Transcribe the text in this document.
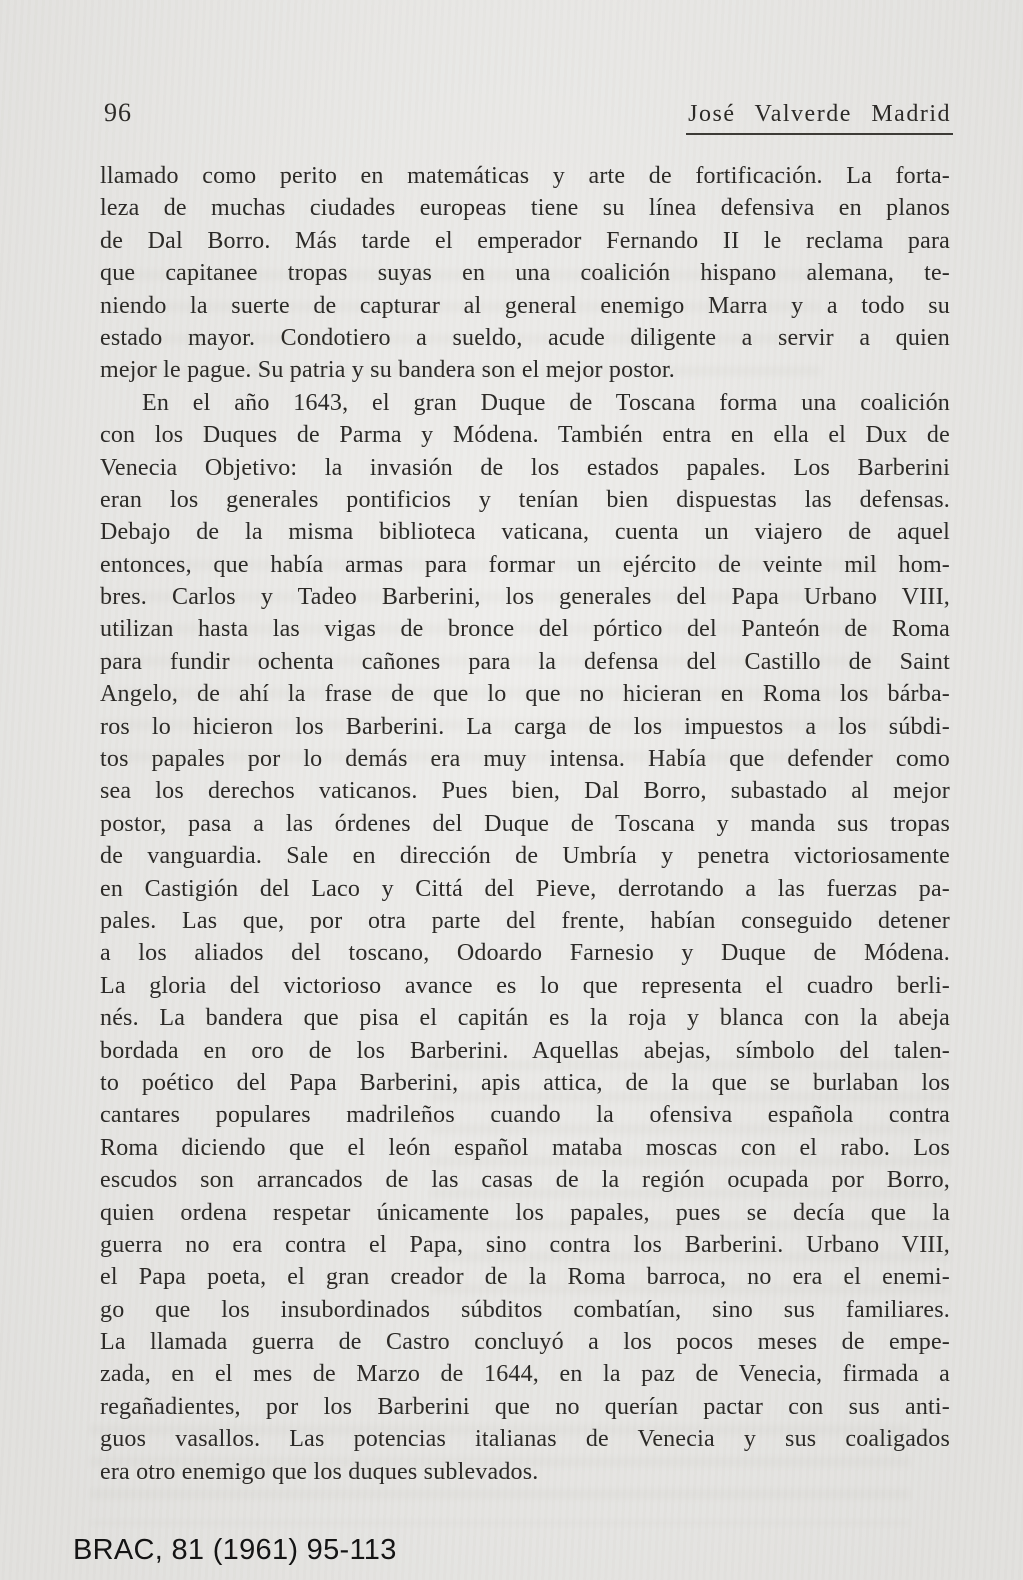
96	José Valverde Madrid
llamado como perito en matemáticas y arte de fortificación. La forta-
leza de muchas ciudades europeas tiene su línea defensiva en planos
de Dal Borro. Más tarde el emperador Fernando II le reclama para
que capitanee tropas suyas en una coalición hispano alemana, te-
niendo la suerte de capturar al general enemigo Marra y a todo su
estado mayor. Condotiero a sueldo, acude diligente a servir a quien
mejor le pague. Su patria y su bandera son el mejor postor.
En el año 1643, el gran Duque de Toscana forma una coalición
con los Duques de Parma y Módena. También entra en ella el Dux de
Venecia Objetivo: la invasión de los estados papales. Los Barberini
eran los generales pontificios y tenían bien dispuestas las defensas.
Debajo de la misma biblioteca vaticana, cuenta un viajero de aquel
entonces, que había armas para formar un ejército de veinte mil hom-
bres. Carlos y Tadeo Barberini, los generales del Papa Urbano VIII,
utilizan hasta las vigas de bronce del pórtico del Panteón de Roma
para fundir ochenta cañones para la defensa del Castillo de Saint
Angelo, de ahí la frase de que lo que no hicieran en Roma los bárba-
ros lo hicieron los Barberini. La carga de los impuestos a los súbdi-
tos papales por lo demás era muy intensa. Había que defender como
sea los derechos vaticanos. Pues bien, Dal Borro, subastado al mejor
postor, pasa a las órdenes del Duque de Toscana y manda sus tropas
de vanguardia. Sale en dirección de Umbría y penetra victoriosamente
en Castigión del Laco y Cittá del Pieve, derrotando a las fuerzas pa-
pales. Las que, por otra parte del frente, habían conseguido detener
a los aliados del toscano, Odoardo Farnesio y Duque de Módena.
La gloria del victorioso avance es lo que representa el cuadro berli-
nés. La bandera que pisa el capitán es la roja y blanca con la abeja
bordada en oro de los Barberini. Aquellas abejas, símbolo del talen-
to poético del Papa Barberini, apis attica, de la que se burlaban los
cantares populares madrileños cuando la ofensiva española contra
Roma diciendo que el león español mataba moscas con el rabo. Los
escudos son arrancados de las casas de la región ocupada por Borro,
quien ordena respetar únicamente los papales, pues se decía que la
guerra no era contra el Papa, sino contra los Barberini. Urbano VIII,
el Papa poeta, el gran creador de la Roma barroca, no era el enemi-
go que los insubordinados súbditos combatían, sino sus familiares.
La llamada guerra de Castro concluyó a los pocos meses de empe-
zada, en el mes de Marzo de 1644, en la paz de Venecia, firmada a
regañadientes, por los Barberini que no querían pactar con sus anti-
guos vasallos. Las potencias italianas de Venecia y sus coaligados
era otro enemigo que los duques sublevados.
BRAC, 81 (1961) 95-113
